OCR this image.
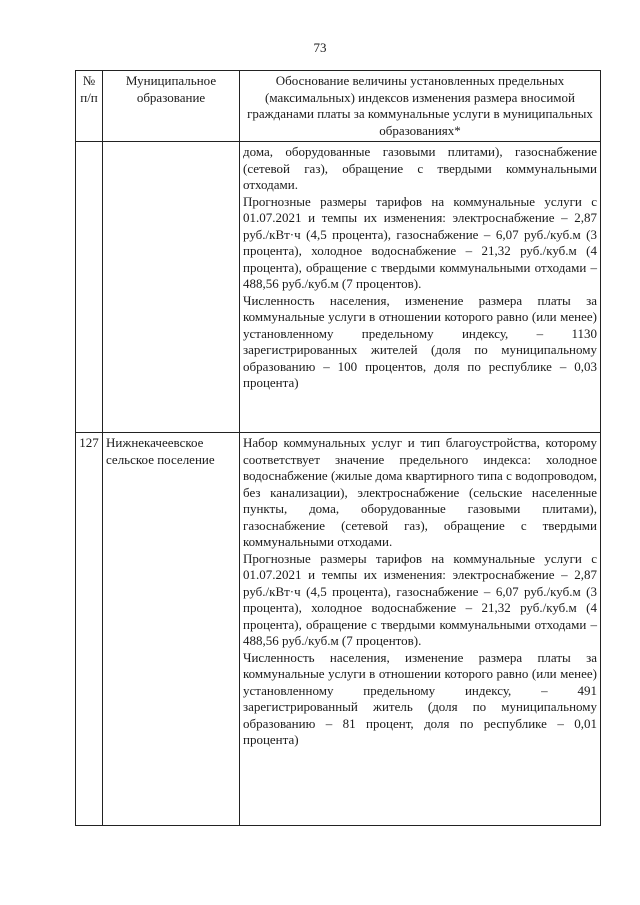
73
№ п/п	Муниципальное образование	Обоснование величины установленных предельных (максимальных) индексов изменения размера вносимой гражданами платы за коммунальные услуги в муниципальных образованиях*

		дома, оборудованные газовыми плитами), газоснабжение (сетевой газ), обращение с твердыми коммунальными отходами.

Прогнозные размеры тарифов на коммунальные услуги с 01.07.2021 и темпы их изменения: электроснабжение – 2,87 руб./кВт·ч (4,5 процента), газоснабжение – 6,07 руб./куб.м (3 процента), холодное водоснабжение – 21,32 руб./куб.м (4 процента), обращение с твердыми коммунальными отходами – 488,56 руб./куб.м (7 процентов).

Численность населения, изменение размера платы за коммунальные услуги в отношении которого равно (или менее) установленному предельному индексу, – 1130 зарегистрированных жителей (доля по муниципальному образованию – 100 процентов, доля по республике – 0,03 процента)

127	Нижнекачеевское сельское поселение	Набор коммунальных услуг и тип благоустройства, которому соответствует значение предельного индекса: холодное водоснабжение (жилые дома квартирного типа с водопроводом, без канализации), электроснабжение (сельские населенные пункты, дома, оборудованные газовыми плитами), газоснабжение (сетевой газ), обращение с твердыми коммунальными отходами.

Прогнозные размеры тарифов на коммунальные услуги с 01.07.2021 и темпы их изменения: электроснабжение – 2,87 руб./кВт·ч (4,5 процента), газоснабжение – 6,07 руб./куб.м (3 процента), холодное водоснабжение – 21,32 руб./куб.м (4 процента), обращение с твердыми коммунальными отходами – 488,56 руб./куб.м (7 процентов).

Численность населения, изменение размера платы за коммунальные услуги в отношении которого равно (или менее) установленному предельному индексу, – 491 зарегистрированный житель (доля по муниципальному образованию – 81 процент, доля по республике – 0,01 процента)
